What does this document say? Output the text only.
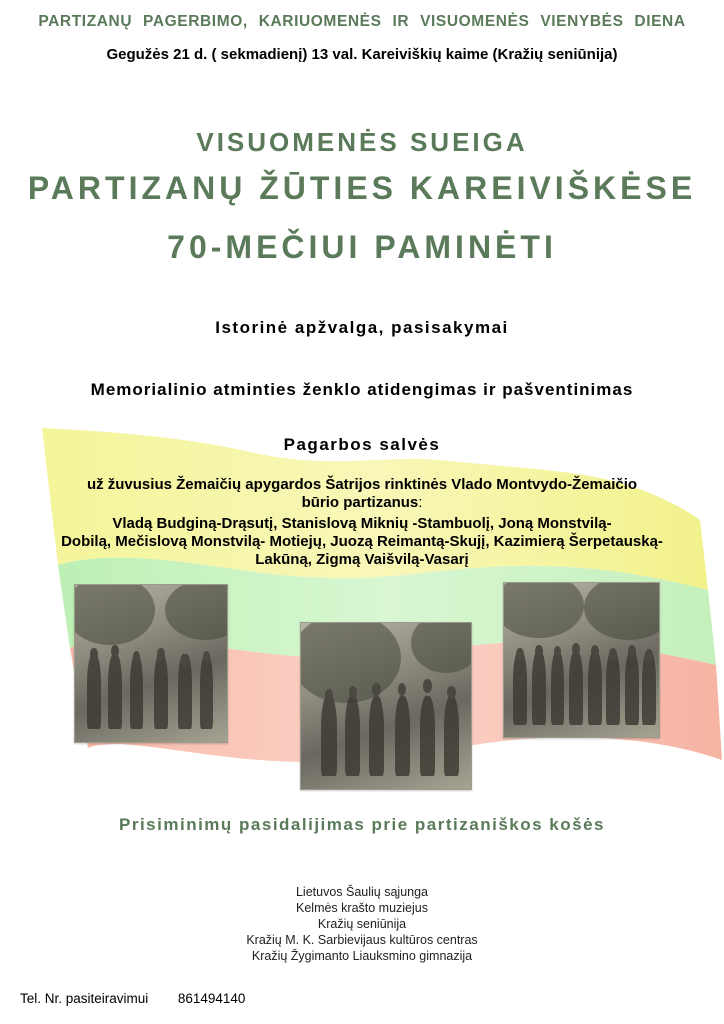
PARTIZANŲ PAGERBIMO, KARIUOMENĖS IR VISUOMENĖS VIENYBĖS DIENA
Gegužės 21 d. ( sekmadienį) 13 val. Kareiviškių kaime (Kražių seniūnija)
VISUOMENĖS SUEIGA
PARTIZANŲ ŽŪTIES KAREIVIŠKĖSE
70-MEČIUI PAMINĖTI
Istorinė apžvalga, pasisakymai
Memorialinio atminties ženklo atidengimas ir pašventinimas
Pagarbos salvės
už žuvusius Žemaičių apygardos Šatrijos rinktinės Vlado Montvydo-Žemaičio
būrio partizanus:
Vladą Budginą-Drąsutį, Stanislovą Miknių -Stambuolį, Joną Monstvilą-
Dobilą, Mečislovą Monstvilą- Motiejų, Juozą Reimantą-Skujį, Kazimierą Šerpetauską-
Lakūną, Zigmą Vaišvilą-Vasarį
Prisiminimų pasidalijimas prie partizaniškos košės
Lietuvos Šaulių sąjunga
Kelmės krašto muziejus
Kražių seniūnija
Kražių M. K. Sarbievijaus kultūros centras
Kražių Žygimanto Liauksmino gimnazija
Tel. Nr. pasiteiravimui 861494140
